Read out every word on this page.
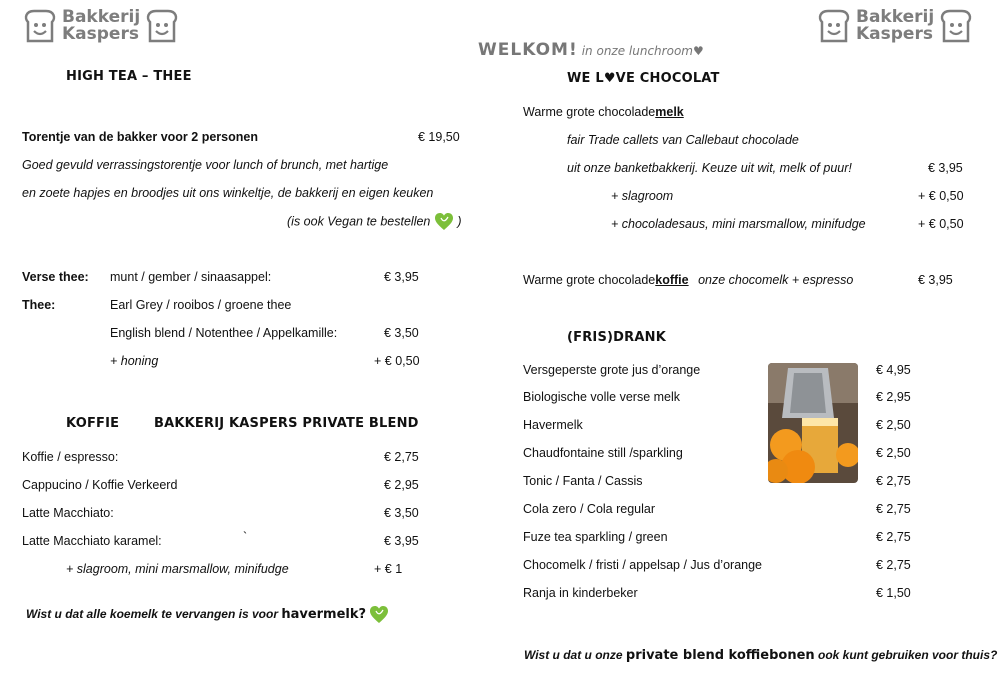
Bakkerij
Kaspers
Bakkerij
Kaspers
WELKOM! in onze lunchroom♥
HIGH TEA – THEE
Torentje van de bakker voor 2 personen	€ 19,50
Goed gevuld verrassingstorentje voor lunch of brunch, met hartige
en zoete hapjes en broodjes uit ons winkeltje, de bakkerij en eigen keuken
(is ook Vegan te bestellen )
Verse thee: munt / gember / sinaasappel:	€ 3,95
Thee:	Earl Grey / rooibos / groene thee
English blend / Notenthee / Appelkamille:	€ 3,50
+ honing	+ € 0,50
KOFFIE	BAKKERIJ KASPERS PRIVATE BLEND
Koffie / espresso:	€ 2,75
Cappucino / Koffie Verkeerd	€ 2,95
Latte Macchiato:	€ 3,50
Latte Macchiato karamel:	`	€ 3,95
+ slagroom, mini marsmallow, minifudge	+ € 1
Wist u dat alle koemelk te vervangen is voor havermelk?
WE L♥VE CHOCOLAT
Warme grote chocolademelk
fair Trade callets van Callebaut chocolade
uit onze banketbakkerij. Keuze uit wit, melk of puur!	€ 3,95
+ slagroom	+ € 0,50
+ chocoladesaus, mini marsmallow, minifudge	+ € 0,50
Warme grote chocoladekoffie onze chocomelk + espresso	€ 3,95
(FRIS)DRANK
Versgeperste grote jus d’orange	€ 4,95
Biologische volle verse melk	€ 2,95
Havermelk	€ 2,50
Chaudfontaine still /sparkling	€ 2,50
Tonic / Fanta / Cassis	€ 2,75
Cola zero / Cola regular	€ 2,75
Fuze tea sparkling / green	€ 2,75
Chocomelk / fristi / appelsap / Jus d’orange	€ 2,75
Ranja in kinderbeker	€ 1,50
Wist u dat u onze private blend koffiebonen ook kunt gebruiken voor thuis?
